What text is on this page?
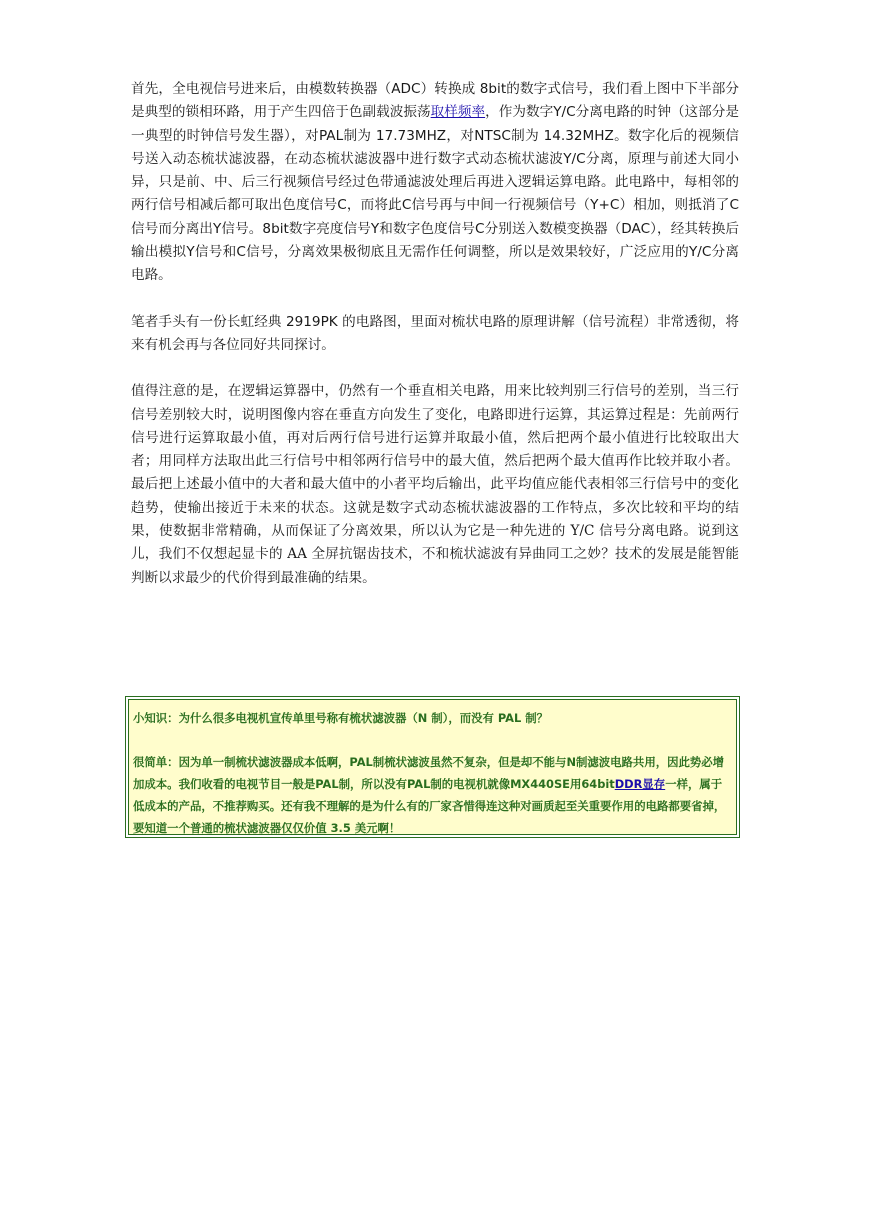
首先，全电视信号进来后，由模数转换器（ADC）转换成 8bit的数字式信号，我们看上图中下半部分是典型的锁相环路，用于产生四倍于色副载波振荡取样频率，作为数字Y/C分离电路的时钟（这部分是一典型的时钟信号发生器），对PAL制为 17.73MHZ，对NTSC制为 14.32MHZ。数字化后的视频信号送入动态梳状滤波器，在动态梳状滤波器中进行数字式动态梳状滤波Y/C分离，原理与前述大同小异，只是前、中、后三行视频信号经过色带通滤波处理后再进入逻辑运算电路。此电路中，每相邻的两行信号相减后都可取出色度信号C，而将此C信号再与中间一行视频信号（Y+C）相加，则抵消了C信号而分离出Y信号。8bit数字亮度信号Y和数字色度信号C分别送入数模变换器（DAC），经其转换后输出模拟Y信号和C信号，分离效果极彻底且无需作任何调整，所以是效果较好，广泛应用的Y/C分离电路。

笔者手头有一份长虹经典 2919PK 的电路图，里面对梳状电路的原理讲解（信号流程）非常透彻，将来有机会再与各位同好共同探讨。

值得注意的是，在逻辑运算器中，仍然有一个垂直相关电路，用来比较判别三行信号的差别，当三行信号差别较大时，说明图像内容在垂直方向发生了变化，电路即进行运算，其运算过程是：先前两行信号进行运算取最小值，再对后两行信号进行运算并取最小值，然后把两个最小值进行比较取出大者；用同样方法取出此三行信号中相邻两行信号中的最大值，然后把两个最大值再作比较并取小者。最后把上述最小值中的大者和最大值中的小者平均后输出，此平均值应能代表相邻三行信号中的变化趋势，使输出接近于未来的状态。这就是数字式动态梳状滤波器的工作特点，多次比较和平均的结果，使数据非常精确，从而保证了分离效果，所以认为它是一种先进的 Y/C 信号分离电路。说到这儿，我们不仅想起显卡的 AA 全屏抗锯齿技术，不和梳状滤波有异曲同工之妙？技术的发展是能智能判断以求最少的代价得到最准确的结果。

小知识：为什么很多电视机宣传单里号称有梳状滤波器（N 制），而没有 PAL 制？

很简单：因为单一制梳状滤波器成本低啊，PAL制梳状滤波虽然不复杂，但是却不能与N制滤波电路共用，因此势必增加成本。我们收看的电视节目一般是PAL制，所以没有PAL制的电视机就像MX440SE用64bitDDR显存一样，属于低成本的产品，不推荐购买。还有我不理解的是为什么有的厂家吝惜得连这种对画质起至关重要作用的电路都要省掉，要知道一个普通的梳状滤波器仅仅价值 3.5 美元啊！
